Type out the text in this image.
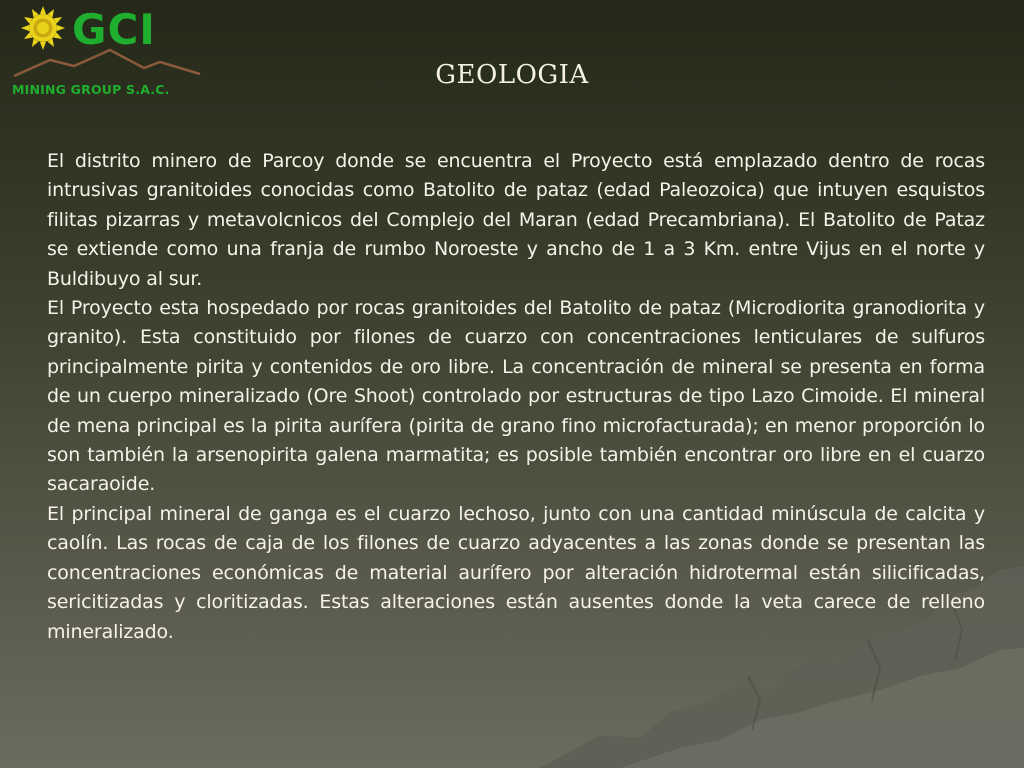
GCI
MINING GROUP S.A.C.	GEOLOGIA

El distrito minero de Parcoy donde se encuentra el Proyecto está emplazado dentro de rocas intrusivas granitoides conocidas como Batolito de pataz (edad Paleozoica) que intuyen esquistos filitas pizarras y metavolcnicos del Complejo del Maran (edad Precambriana). El Batolito de Pataz se extiende como una franja de rumbo Noroeste y ancho de 1 a 3 Km. entre Vijus en el norte y Buldibuyo al sur.

El Proyecto esta hospedado por rocas granitoides del Batolito de pataz (Microdiorita granodiorita y granito). Esta constituido por filones de cuarzo con concentraciones lenticulares de sulfuros principalmente pirita y contenidos de oro libre. La concentración de mineral se presenta en forma de un cuerpo mineralizado (Ore Shoot) controlado por estructuras de tipo Lazo Cimoide. El mineral de mena principal es la pirita aurífera (pirita de grano fino microfacturada); en menor proporción lo son también la arsenopirita galena marmatita; es posible también encontrar oro libre en el cuarzo sacaraoide.

El principal mineral de ganga es el cuarzo lechoso, junto con una cantidad minúscula de calcita y caolín. Las rocas de caja de los filones de cuarzo adyacentes a las zonas donde se presentan las concentraciones económicas de material aurífero por alteración hidrotermal están silicificadas, sericitizadas y cloritizadas. Estas alteraciones están ausentes donde la veta carece de relleno mineralizado.
